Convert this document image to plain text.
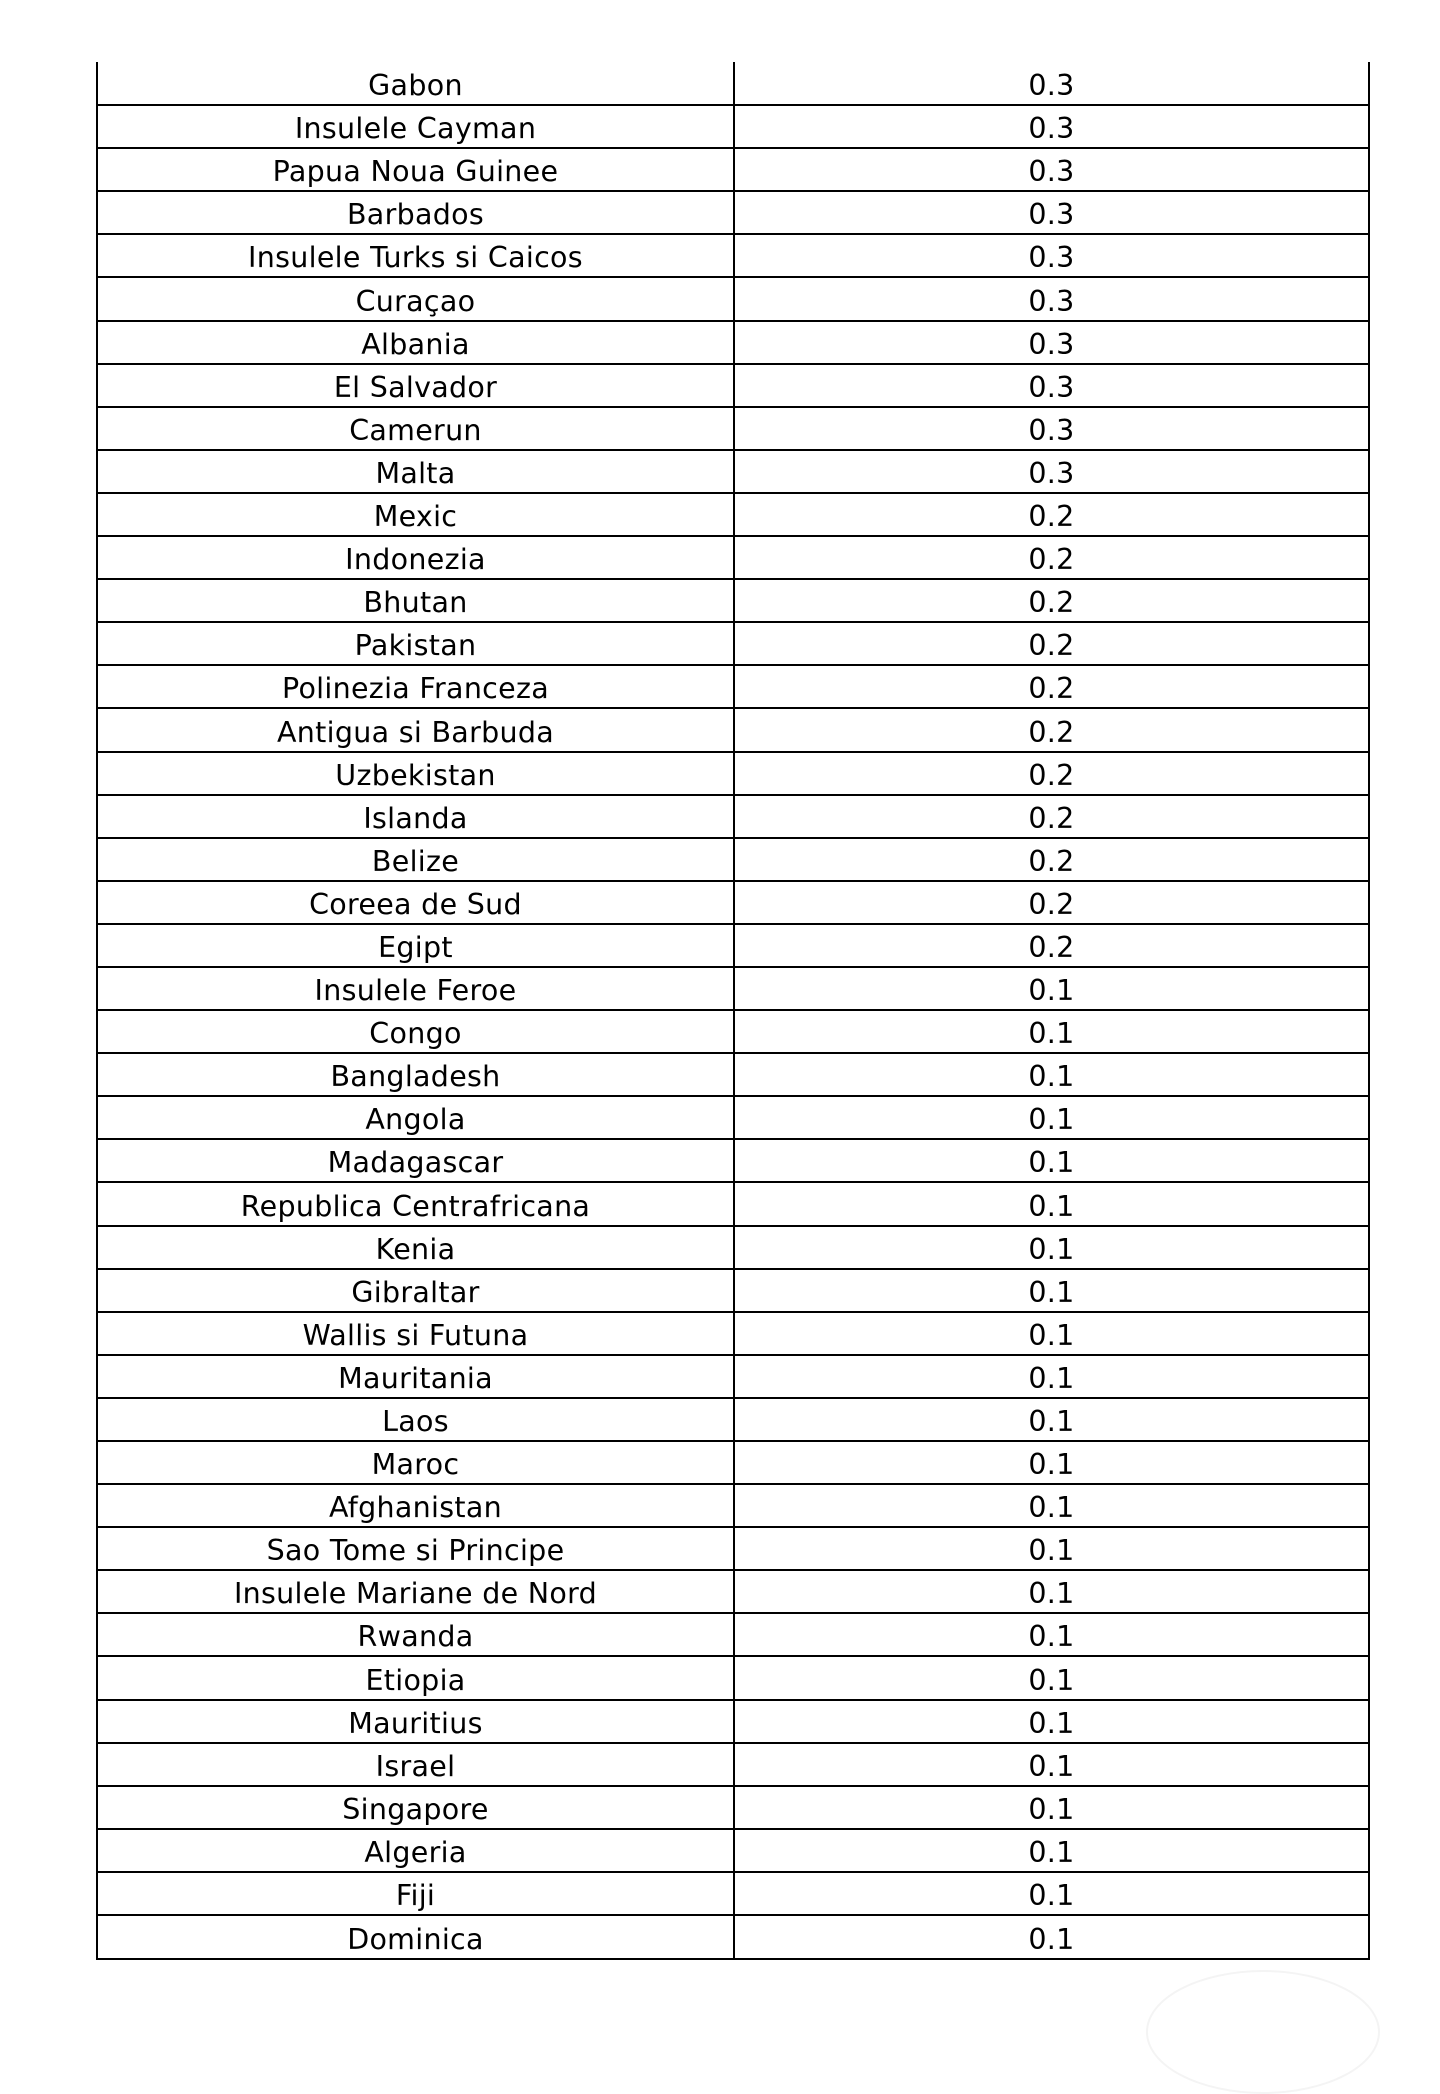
Gabon	0.3
Insulele Cayman	0.3
Papua Noua Guinee	0.3
Barbados	0.3
Insulele Turks si Caicos	0.3
Curaçao	0.3
Albania	0.3
El Salvador	0.3
Camerun	0.3
Malta	0.3
Mexic	0.2
Indonezia	0.2
Bhutan	0.2
Pakistan	0.2
Polinezia Franceza	0.2
Antigua si Barbuda	0.2
Uzbekistan	0.2
Islanda	0.2
Belize	0.2
Coreea de Sud	0.2
Egipt	0.2
Insulele Feroe	0.1
Congo	0.1
Bangladesh	0.1
Angola	0.1
Madagascar	0.1
Republica Centrafricana	0.1
Kenia	0.1
Gibraltar	0.1
Wallis si Futuna	0.1
Mauritania	0.1
Laos	0.1
Maroc	0.1
Afghanistan	0.1
Sao Tome si Principe	0.1
Insulele Mariane de Nord	0.1
Rwanda	0.1
Etiopia	0.1
Mauritius	0.1
Israel	0.1
Singapore	0.1
Algeria	0.1
Fiji	0.1
Dominica	0.1
